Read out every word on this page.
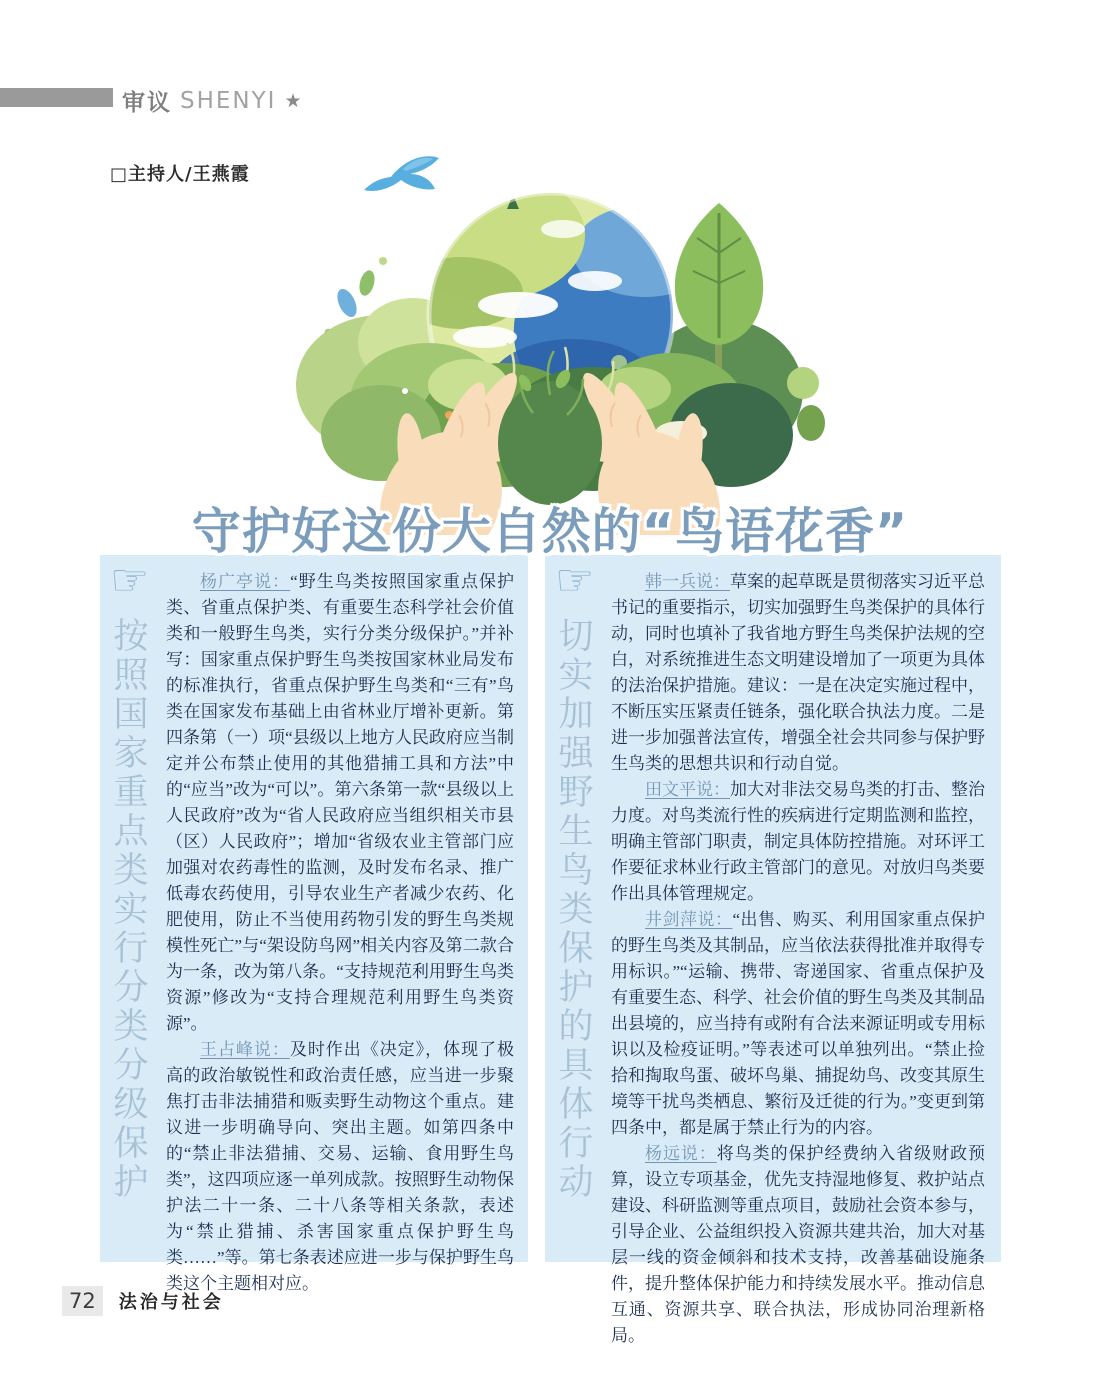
审议 SHENYI ★
□主持人/王燕霞
守护好这份大自然的“鸟语花香”
☞
按照国家重点类实行分类分级保护

杨广亭说：“野生鸟类按照国家重点保护类、省重点保护类、有重要生态科学社会价值类和一般野生鸟类，实行分类分级保护。”并补写：国家重点保护野生鸟类按国家林业局发布的标准执行，省重点保护野生鸟类和“三有”鸟类在国家发布基础上由省林业厅增补更新。第四条第（一）项“县级以上地方人民政府应当制定并公布禁止使用的其他猎捕工具和方法”中的“应当”改为“可以”。第六条第一款“县级以上人民政府”改为“省人民政府应当组织相关市县（区）人民政府”；增加“省级农业主管部门应加强对农药毒性的监测，及时发布名录、推广低毒农药使用，引导农业生产者减少农药、化肥使用，防止不当使用药物引发的野生鸟类规模性死亡”与“架设防鸟网”相关内容及第二款合为一条，改为第八条。“支持规范利用野生鸟类资源”修改为“支持合理规范利用野生鸟类资源”。

王占峰说：及时作出《决定》，体现了极高的政治敏锐性和政治责任感，应当进一步聚焦打击非法捕猎和贩卖野生动物这个重点。建议进一步明确导向、突出主题。如第四条中的“禁止非法猎捕、交易、运输、食用野生鸟类”，这四项应逐一单列成款。按照野生动物保护法二十一条、二十八条等相关条款，表述为“禁止猎捕、杀害国家重点保护野生鸟类……”等。第七条表述应进一步与保护野生鸟类这个主题相对应。

☞
切实加强野生鸟类保护的具体行动

韩一兵说：草案的起草既是贯彻落实习近平总书记的重要指示，切实加强野生鸟类保护的具体行动，同时也填补了我省地方野生鸟类保护法规的空白，对系统推进生态文明建设增加了一项更为具体的法治保护措施。建议：一是在决定实施过程中，不断压实压紧责任链条，强化联合执法力度。二是进一步加强普法宣传，增强全社会共同参与保护野生鸟类的思想共识和行动自觉。

田文平说：加大对非法交易鸟类的打击、整治力度。对鸟类流行性的疾病进行定期监测和监控，明确主管部门职责，制定具体防控措施。对环评工作要征求林业行政主管部门的意见。对放归鸟类要作出具体管理规定。

井剑萍说：“出售、购买、利用国家重点保护的野生鸟类及其制品，应当依法获得批准并取得专用标识。”“运输、携带、寄递国家、省重点保护及有重要生态、科学、社会价值的野生鸟类及其制品出县境的，应当持有或附有合法来源证明或专用标识以及检疫证明。”等表述可以单独列出。“禁止捡拾和掏取鸟蛋、破坏鸟巢、捕捉幼鸟、改变其原生境等干扰鸟类栖息、繁衍及迁徙的行为。”变更到第四条中，都是属于禁止行为的内容。

杨远说：将鸟类的保护经费纳入省级财政预算，设立专项基金，优先支持湿地修复、救护站点建设、科研监测等重点项目，鼓励社会资本参与，引导企业、公益组织投入资源共建共治，加大对基层一线的资金倾斜和技术支持，改善基础设施条件，提升整体保护能力和持续发展水平。推动信息互通、资源共享、联合执法，形成协同治理新格局。

72	法治与社会
